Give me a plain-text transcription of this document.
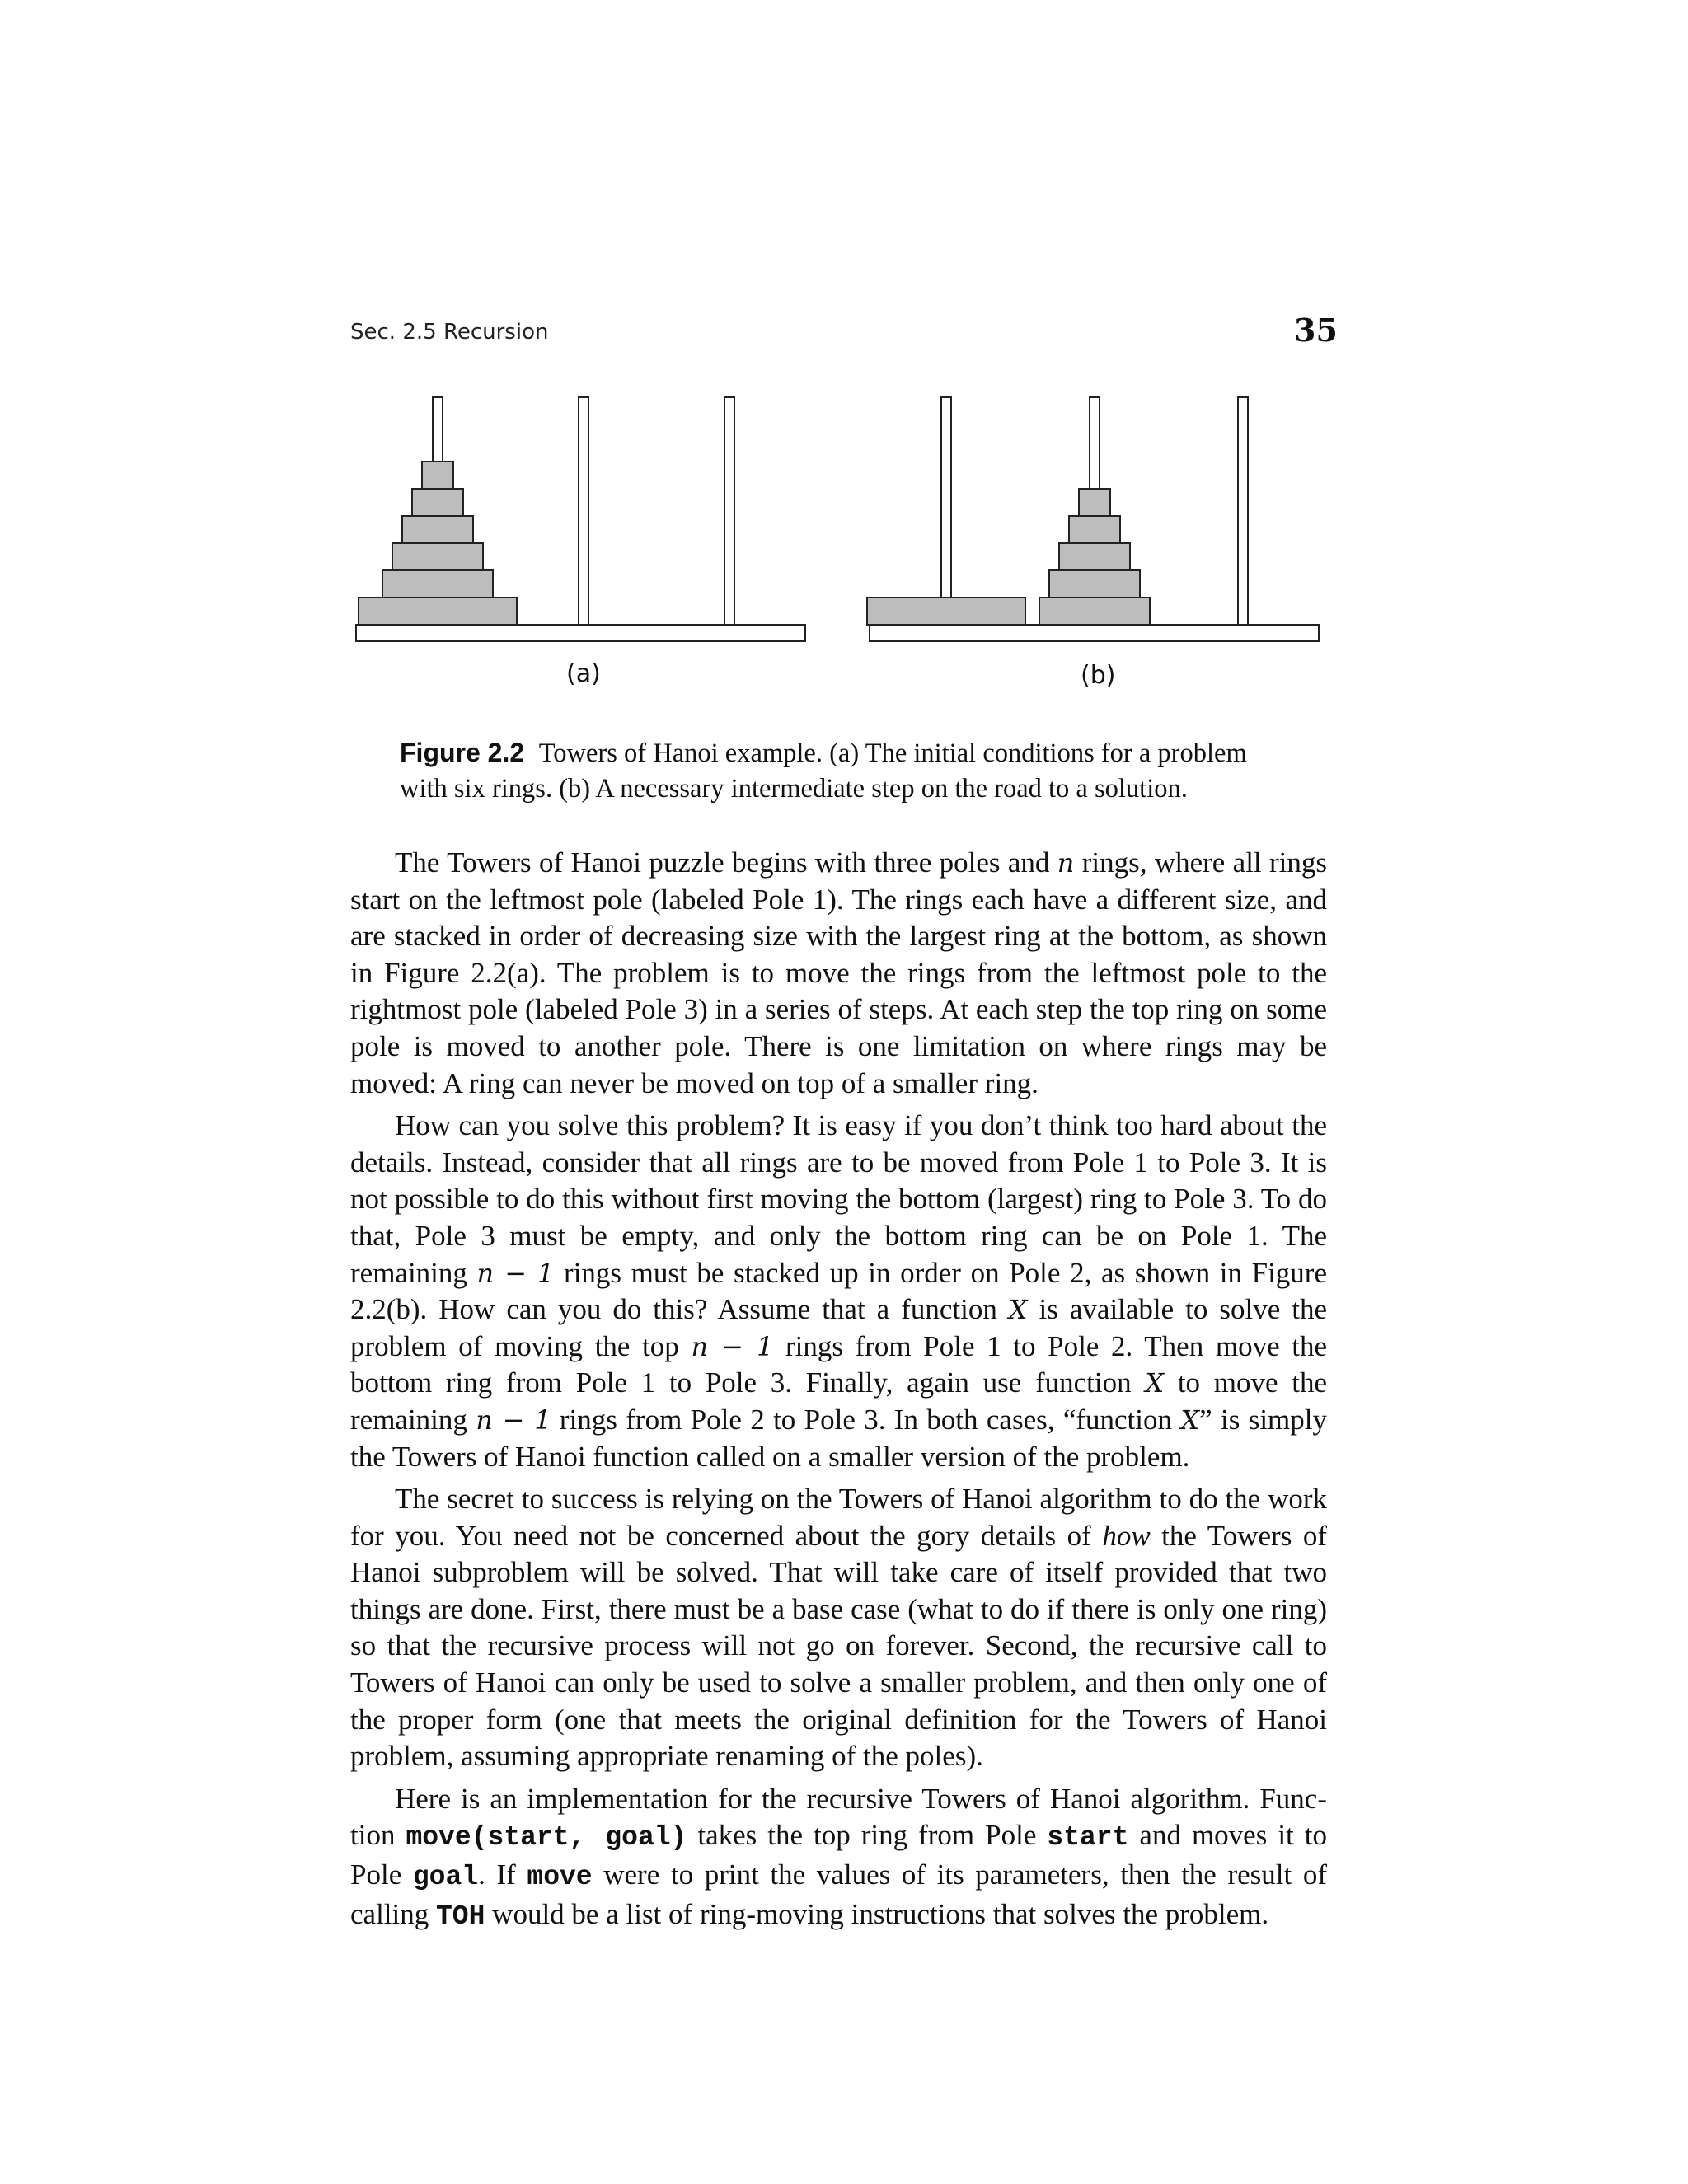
Sec. 2.5 Recursion	35
(a)	(b)
Figure 2.2 Towers of Hanoi example. (a) The initial conditions for a problem with six rings. (b) A necessary intermediate step on the road to a solution.

The Towers of Hanoi puzzle begins with three poles and n rings, where all rings start on the leftmost pole (labeled Pole 1). The rings each have a different size, and are stacked in order of decreasing size with the largest ring at the bottom, as shown in Figure 2.2(a). The problem is to move the rings from the leftmost pole to the rightmost pole (labeled Pole 3) in a series of steps. At each step the top ring on some pole is moved to another pole. There is one limitation on where rings may be moved: A ring can never be moved on top of a smaller ring.

How can you solve this problem? It is easy if you don’t think too hard about the details. Instead, consider that all rings are to be moved from Pole 1 to Pole 3. It is not possible to do this without first moving the bottom (largest) ring to Pole 3. To do that, Pole 3 must be empty, and only the bottom ring can be on Pole 1. The remaining n − 1 rings must be stacked up in order on Pole 2, as shown in Figure 2.2(b). How can you do this? Assume that a function X is available to solve the problem of moving the top n − 1 rings from Pole 1 to Pole 2. Then move the bottom ring from Pole 1 to Pole 3. Finally, again use function X to move the remaining n − 1 rings from Pole 2 to Pole 3. In both cases, “function X” is simply the Towers of Hanoi function called on a smaller version of the problem.

The secret to success is relying on the Towers of Hanoi algorithm to do the work for you. You need not be concerned about the gory details of how the Towers of Hanoi subproblem will be solved. That will take care of itself provided that two things are done. First, there must be a base case (what to do if there is only one ring) so that the recursive process will not go on forever. Second, the recursive call to Towers of Hanoi can only be used to solve a smaller problem, and then only one of the proper form (one that meets the original definition for the Towers of Hanoi problem, assuming appropriate renaming of the poles).

Here is an implementation for the recursive Towers of Hanoi algorithm. Function move(start, goal) takes the top ring from Pole start and moves it to Pole goal. If move were to print the values of its parameters, then the result of calling TOH would be a list of ring-moving instructions that solves the problem.
